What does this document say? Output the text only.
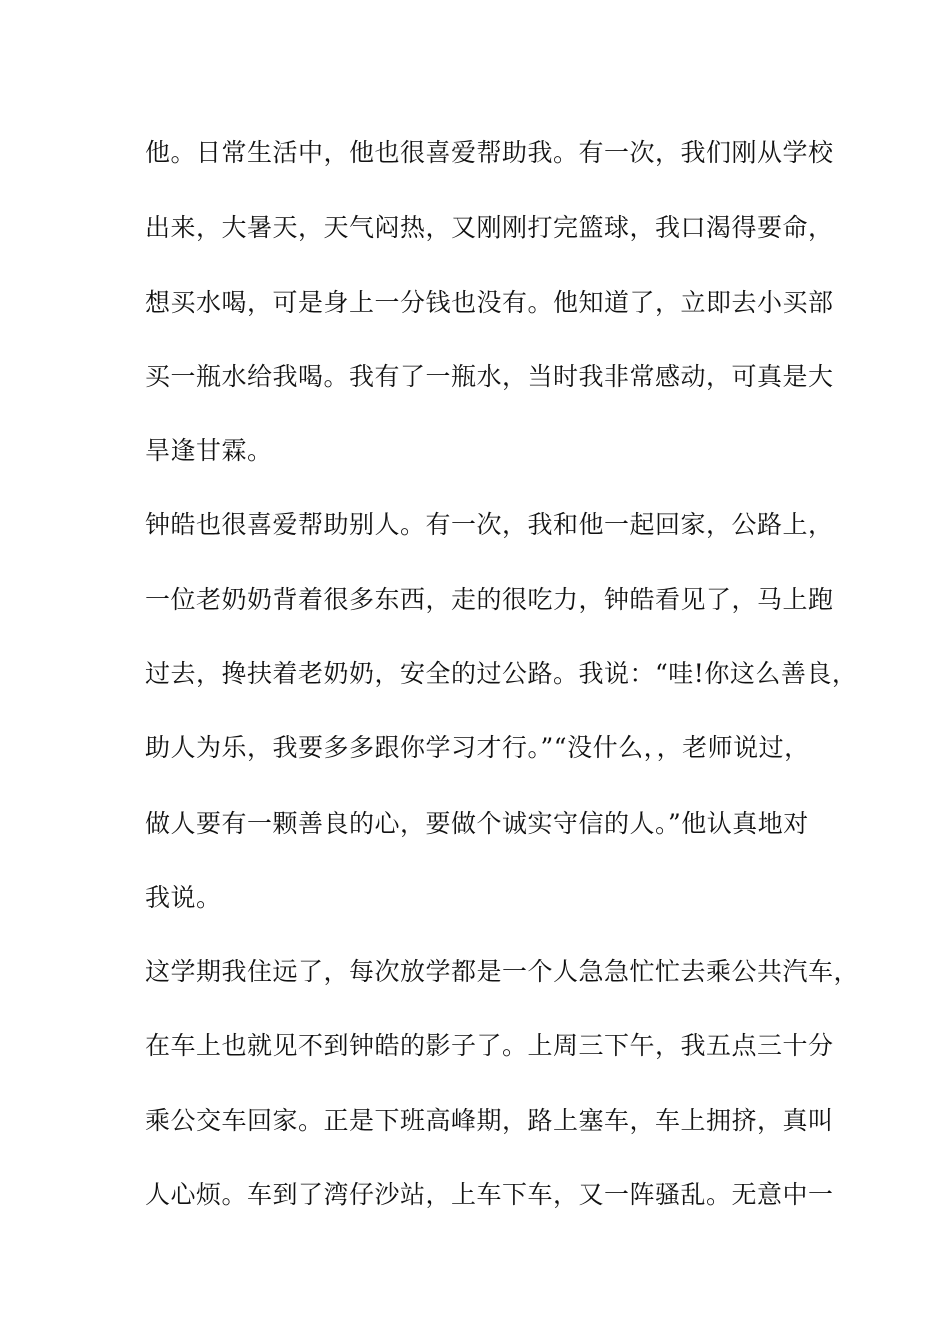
他。日常生活中，他也很喜爱帮助我。有一次，我们刚从学校
出来，大暑天，天气闷热，又刚刚打完篮球，我口渴得要命，
想买水喝，可是身上一分钱也没有。他知道了，立即去小买部
买一瓶水给我喝。我有了一瓶水，当时我非常感动，可真是大
旱逢甘霖。
钟皓也很喜爱帮助别人。有一次，我和他一起回家，公路上，
一位老奶奶背着很多东西，走的很吃力，钟皓看见了，马上跑
过去，搀扶着老奶奶，安全的过公路。我说：“哇!你这么善良，
助人为乐，我要多多跟你学习才行。”“没什么，，老师说过，
做人要有一颗善良的心，要做个诚实守信的人。”他认真地对
我说。
这学期我住远了，每次放学都是一个人急急忙忙去乘公共汽车，
在车上也就见不到钟皓的影子了。上周三下午，我五点三十分
乘公交车回家。正是下班高峰期，路上塞车，车上拥挤，真叫
人心烦。车到了湾仔沙站，上车下车，又一阵骚乱。无意中一
